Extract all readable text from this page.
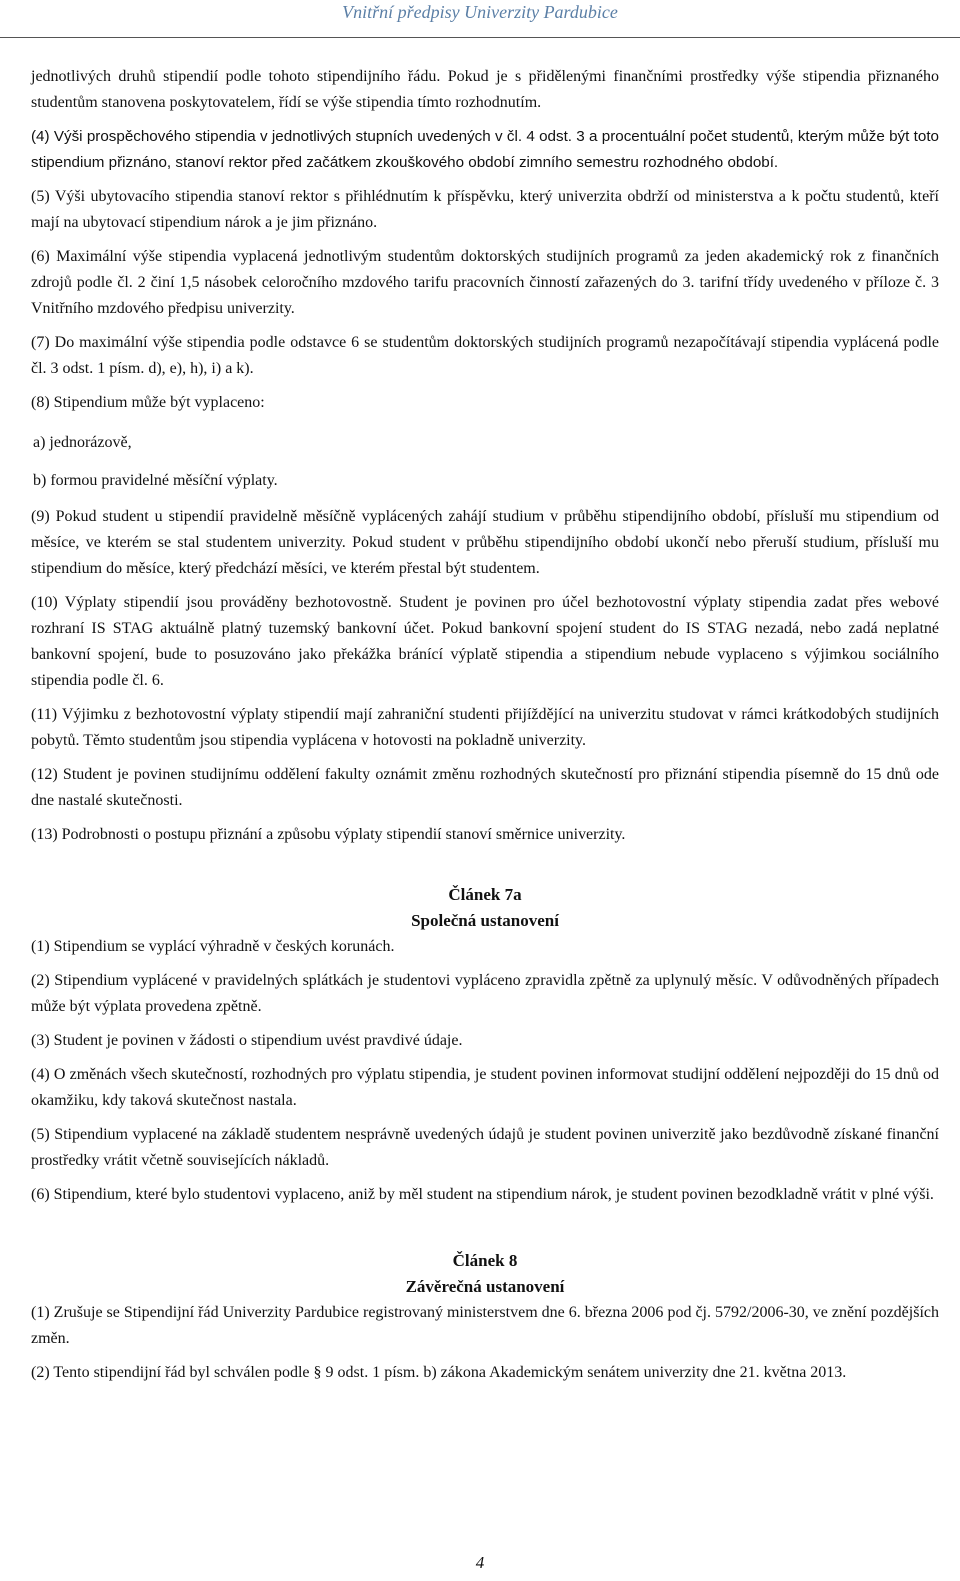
Vnitřní předpisy Univerzity Pardubice

jednotlivých druhů stipendií podle tohoto stipendijního řádu. Pokud je s přidělenými finančními prostředky výše stipendia přiznaného studentům stanovena poskytovatelem, řídí se výše stipendia tímto rozhodnutím.

(4) Výši prospěchového stipendia v jednotlivých stupních uvedených v čl. 4 odst. 3 a procentuální počet studentů, kterým může být toto stipendium přiznáno, stanoví rektor před začátkem zkouškového období zimního semestru rozhodného období.

(5) Výši ubytovacího stipendia stanoví rektor s přihlédnutím k příspěvku, který univerzita obdrží od ministerstva a k počtu studentů, kteří mají na ubytovací stipendium nárok a je jim přiznáno.

(6) Maximální výše stipendia vyplacená jednotlivým studentům doktorských studijních programů za jeden akademický rok z finančních zdrojů podle čl. 2 činí 1,5 násobek celoročního mzdového tarifu pracovních činností zařazených do 3. tarifní třídy uvedeného v příloze č. 3 Vnitřního mzdového předpisu univerzity.

(7) Do maximální výše stipendia podle odstavce 6 se studentům doktorských studijních programů nezapočítávají stipendia vyplácená podle čl. 3 odst. 1 písm. d), e), h), i) a k).

(8) Stipendium může být vyplaceno:

a) jednorázově,
b) formou pravidelné měsíční výplaty.

(9) Pokud student u stipendií pravidelně měsíčně vyplácených zahájí studium v průběhu stipendijního období, přísluší mu stipendium od měsíce, ve kterém se stal studentem univerzity. Pokud student v průběhu stipendijního období ukončí nebo přeruší studium, přísluší mu stipendium do měsíce, který předchází měsíci, ve kterém přestal být studentem.

(10) Výplaty stipendií jsou prováděny bezhotovostně. Student je povinen pro účel bezhotovostní výplaty stipendia zadat přes webové rozhraní IS STAG aktuálně platný tuzemský bankovní účet. Pokud bankovní spojení student do IS STAG nezadá, nebo zadá neplatné bankovní spojení, bude to posuzováno jako překážka bránící výplatě stipendia a stipendium nebude vyplaceno s výjimkou sociálního stipendia podle čl. 6.

(11) Výjimku z bezhotovostní výplaty stipendií mají zahraniční studenti přijíždějící na univerzitu studovat v rámci krátkodobých studijních pobytů. Těmto studentům jsou stipendia vyplácena v hotovosti na pokladně univerzity.

(12) Student je povinen studijnímu oddělení fakulty oznámit změnu rozhodných skutečností pro přiznání stipendia písemně do 15 dnů ode dne nastalé skutečnosti.

(13) Podrobnosti o postupu přiznání a způsobu výplaty stipendií stanoví směrnice univerzity.

Článek 7a
Společná ustanovení

(1) Stipendium se vyplácí výhradně v českých korunách.

(2) Stipendium vyplácené v pravidelných splátkách je studentovi vypláceno zpravidla zpětně za uplynulý měsíc. V odůvodněných případech může být výplata provedena zpětně.

(3) Student je povinen v žádosti o stipendium uvést pravdivé údaje.

(4) O změnách všech skutečností, rozhodných pro výplatu stipendia, je student povinen informovat studijní oddělení nejpozději do 15 dnů od okamžiku, kdy taková skutečnost nastala.

(5) Stipendium vyplacené na základě studentem nesprávně uvedených údajů je student povinen univerzitě jako bezdůvodně získané finanční prostředky vrátit včetně souvisejících nákladů.

(6) Stipendium, které bylo studentovi vyplaceno, aniž by měl student na stipendium nárok, je student povinen bezodkladně vrátit v plné výši.

Článek 8
Závěrečná ustanovení

(1) Zrušuje se Stipendijní řád Univerzity Pardubice registrovaný ministerstvem dne 6. března 2006 pod čj. 5792/2006-30, ve znění pozdějších změn.

(2) Tento stipendijní řád byl schválen podle § 9 odst. 1 písm. b) zákona Akademickým senátem univerzity dne 21. května 2013.

4
